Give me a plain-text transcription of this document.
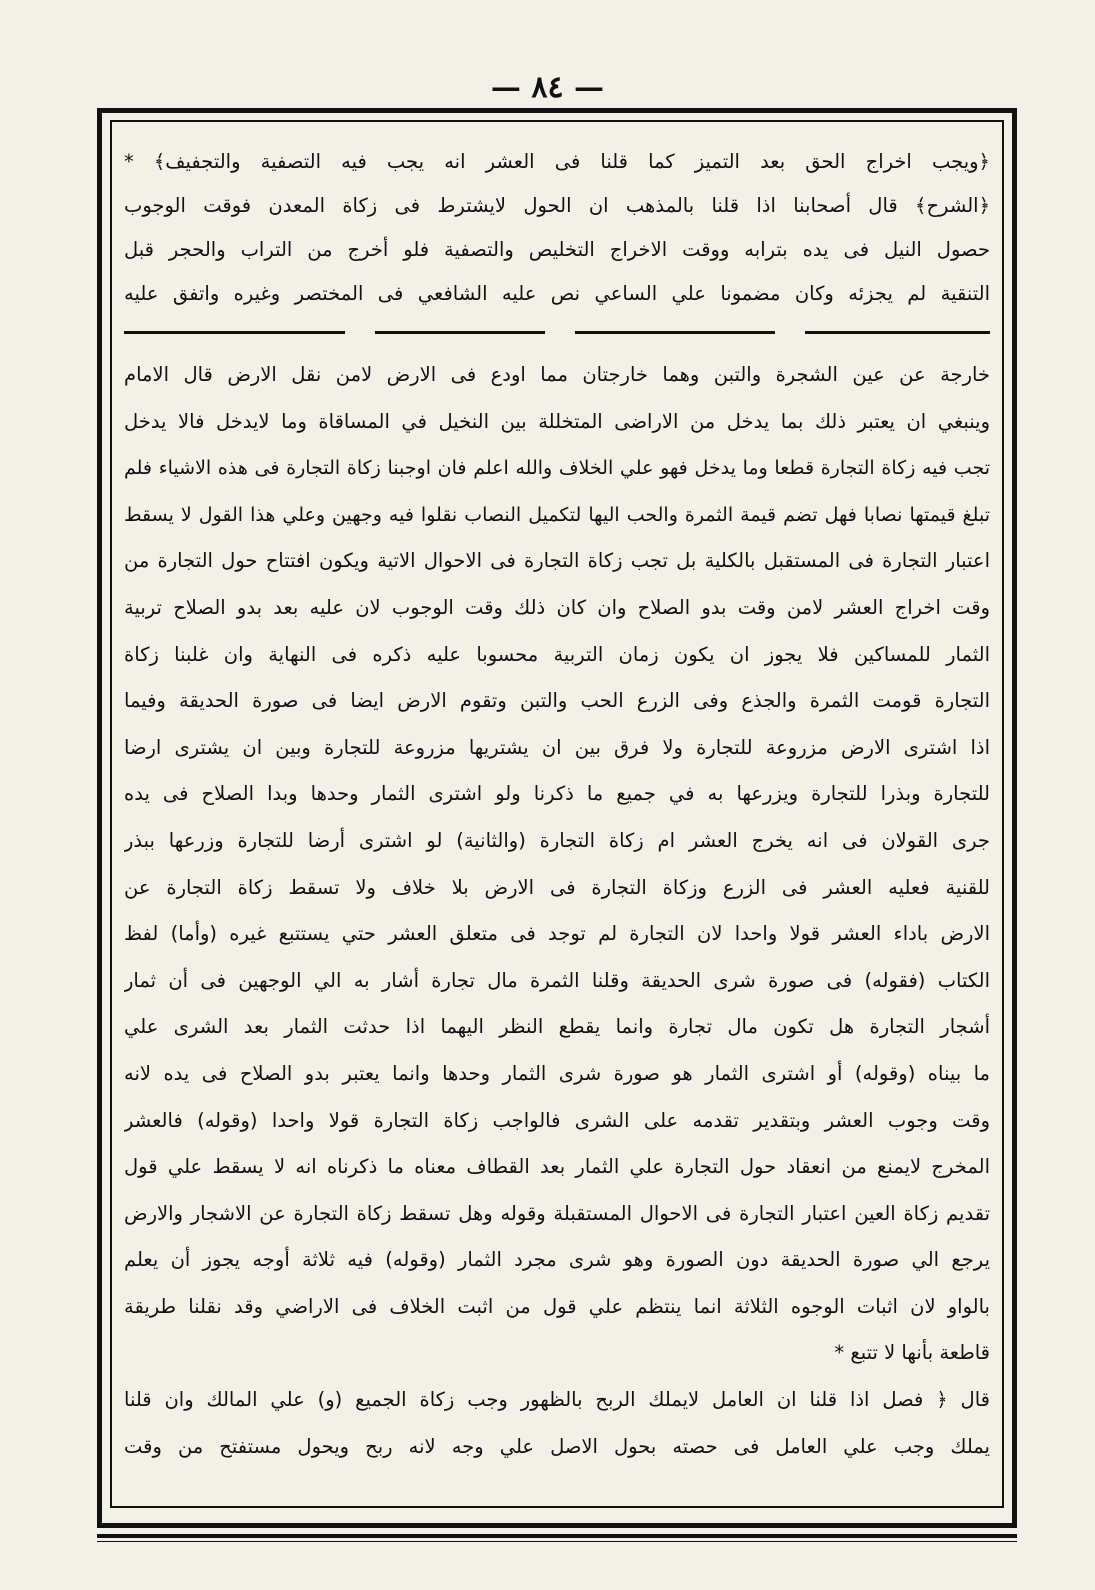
— ٨٤ —
﴿ويجب اخراج الحق بعد التميز كما قلنا فى العشر انه يجب فيه التصفية والتجفيف﴾ *
﴿الشرح﴾ قال أصحابنا اذا قلنا بالمذهب ان الحول لايشترط فى زكاة المعدن فوقت الوجوب
حصول النيل فى يده بترابه ووقت الاخراج التخليص والتصفية فلو أخرج من التراب والحجر قبل
التنقية لم يجزئه وكان مضمونا علي الساعي نص عليه الشافعي فى المختصر وغيره واتفق عليه
خارجة عن عين الشجرة والتبن وهما خارجتان مما اودع فى الارض لامن نقل الارض قال الامام
وينبغي ان يعتبر ذلك بما يدخل من الاراضى المتخللة بين النخيل في المساقاة وما لايدخل فالا يدخل
تجب فيه زكاة التجارة قطعا وما يدخل فهو علي الخلاف والله اعلم فان اوجبنا زكاة التجارة فى هذه الاشياء فلم
تبلغ قيمتها نصابا فهل تضم قيمة الثمرة والحب اليها لتكميل النصاب نقلوا فيه وجهين وعلي هذا القول لا يسقط
اعتبار التجارة فى المستقبل بالكلية بل تجب زكاة التجارة فى الاحوال الاتية ويكون افتتاح حول التجارة من
وقت اخراج العشر لامن وقت بدو الصلاح وان كان ذلك وقت الوجوب لان عليه بعد بدو الصلاح تربية
الثمار للمساكين فلا يجوز ان يكون زمان التربية محسوبا عليه ذكره فى النهاية وان غلبنا زكاة
التجارة قومت الثمرة والجذع وفى الزرع الحب والتبن وتقوم الارض ايضا فى صورة الحديقة وفيما
اذا اشترى الارض مزروعة للتجارة ولا فرق بين ان يشتريها مزروعة للتجارة وبين ان يشترى ارضا
للتجارة وبذرا للتجارة ويزرعها به في جميع ما ذكرنا ولو اشترى الثمار وحدها وبدا الصلاح فى يده
جرى القولان فى انه يخرج العشر ام زكاة التجارة (والثانية) لو اشترى أرضا للتجارة وزرعها ببذر
للقنية فعليه العشر فى الزرع وزكاة التجارة فى الارض بلا خلاف ولا تسقط زكاة التجارة عن
الارض باداء العشر قولا واحدا لان التجارة لم توجد فى متعلق العشر حتي يستتبع غيره (وأما) لفظ
الكتاب (فقوله) فى صورة شرى الحديقة وقلنا الثمرة مال تجارة أشار به الي الوجهين فى أن ثمار
أشجار التجارة هل تكون مال تجارة وانما يقطع النظر اليهما اذا حدثت الثمار بعد الشرى علي
ما بيناه (وقوله) أو اشترى الثمار هو صورة شرى الثمار وحدها وانما يعتبر بدو الصلاح فى يده لانه
وقت وجوب العشر وبتقدير تقدمه على الشرى فالواجب زكاة التجارة قولا واحدا (وقوله) فالعشر
المخرج لايمنع من انعقاد حول التجارة علي الثمار بعد القطاف معناه ما ذكرناه انه لا يسقط علي قول
تقديم زكاة العين اعتبار التجارة فى الاحوال المستقبلة وقوله وهل تسقط زكاة التجارة عن الاشجار والارض
يرجع الي صورة الحديقة دون الصورة وهو شرى مجرد الثمار (وقوله) فيه ثلاثة أوجه يجوز أن يعلم
بالواو لان اثبات الوجوه الثلاثة انما ينتظم علي قول من اثبت الخلاف فى الاراضي وقد نقلنا طريقة
قاطعة بأنها لا تتبع *
قال ﴿ فصل اذا قلنا ان العامل لايملك الربح بالظهور وجب زكاة الجميع (و) علي المالك وان قلنا
يملك وجب علي العامل فى حصته بحول الاصل علي وجه لانه ربح ويحول مستفتح من وقت
